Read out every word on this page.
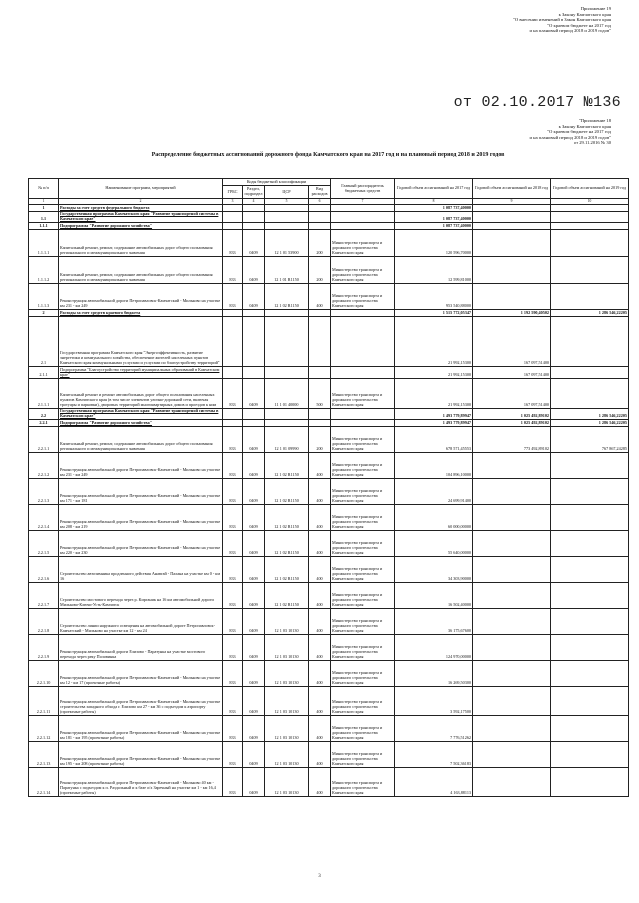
Приложение 19
к Закону Камчатского края
"О внесении изменений в Закон Камчатского края
"О краевом бюджете на 2017 год
и на плановый период 2018 и 2019 годов"
от 02.10.2017 №136
"Приложение 18
к Закону Камчатского края
"О краевом бюджете на 2017 год
и на плановый период 2018 и 2019 годов"
от 29.11.2016 № 30
Распределение бюджетных ассигнований дорожного фонда Камчатского края на 2017 год и на плановый период 2018 и 2019 годов
№ п/п	Наименование программ, мероприятий	Коды бюджетной классификации				Главный распорядитель бюджетных средств	Годовой объем ассигнований на 2017 год	Годовой объем ассигнований на 2018 год	Годовой объем ассигнований на 2019 год
		ГРБС	Раздел, подраздел	ЦСР	Вид расходов				
1	2	3	4	5	6	7	8	9	10
1	Расходы за счет средств федерального бюджета						1 087 737,40000		
1.1	Государственная программа Камчатского края "Развитие транспортной системы в Камчатском крае"						1 087 737,40000		
1.1.1	Подпрограмма "Развитие дорожного хозяйства"						1 087 737,40000		
1.1.1.1	Капитальный ремонт, ремонт, содержание автомобильных дорог общего пользования регионального и межмуниципального значения	833	0409	12 1 01 53900	200	Министерство транспорта и дорожного строительства Камчатского края	120 596,70000		
1.1.1.2	Капитальный ремонт, ремонт, содержание автомобильных дорог общего пользования регионального и межмуниципального значения	833	0409	12 1 01 R1150	200	Министерство транспорта и дорожного строительства Камчатского края	12 599,81000		
1.1.1.3	Реконструкция автомобильной дороги Петропавловск-Камчатский - Мильково на участке км 231 - км 249	833	0409	12 1 02 R1150	400	Министерство транспорта и дорожного строительства Камчатского края	953 540,88000		
2	Расходы за счет средств краевого бюджета						1 515 772,05347	1 192 590,40502	1 286 546,22205
2.1	Государственная программа Камчатского края "Энергоэффективность, развитие энергетики и коммунального хозяйства, обеспечение жителей населенных пунктов Камчатского края коммунальными услугами и услугами по благоустройству территорий"						21 992,15300	167 097,51400	
2.1.1	Подпрограмма "Благоустройство территорий муниципальных образований в Камчатском крае"						21 992,15300	167 097,51400	
2.1.1.1	Капитальный ремонт и ремонт автомобильных дорог общего пользования населенных пунктов Камчатского края (в том числе элементов улично-дорожной сети, включая тротуары и парковки), дворовых территорий многоквартирных домов и проездов к ним	833	0409	11 1 01 40000	500	Министерство транспорта и дорожного строительства Камчатского края	21 992,15300	167 097,51400	
2.2	Государственная программа Камчатского края "Развитие транспортной системы в Камчатском крае"						1 493 779,89947	1 025 492,89102	1 286 546,22205
2.2.1	Подпрограмма "Развитие дорожного хозяйства"						1 493 779,89947	1 025 492,89102	1 286 546,22205
2.2.1.1	Капитальный ремонт, ремонт, содержание автомобильных дорог общего пользования регионального и межмуниципального значения	833	0409	12 1 01 09990	200	Министерство транспорта и дорожного строительства Камчатского края	678 571,45553	773 492,89102	767 867,24285
2.2.1.2	Реконструкция автомобильной дороги Петропавловск-Камчатский - Мильково на участке км 231 - км 249	833	0409	12 1 02 R1150	400	Министерство транспорта и дорожного строительства Камчатского края	104 896,10000		
2.2.1.3	Реконструкция автомобильной дороги Петропавловск-Камчатский - Мильково на участке км 171 - км 181	833	0409	12 1 02 R1150	400	Министерство транспорта и дорожного строительства Камчатского края	24 699,91400		
2.2.1.4	Реконструкция автомобильной дороги Петропавловск-Камчатский - Мильково на участке км 208 - км 219	833	0409	12 1 02 R1150	400	Министерство транспорта и дорожного строительства Камчатского края	60 000,00000		
2.2.1.5	Реконструкция автомобильной дороги Петропавловск-Камчатский - Мильково на участке км 220 - км 230	833	0409	12 1 02 R1150	400	Министерство транспорта и дорожного строительства Камчатского края	55 640,00000		
2.2.1.6	Строительство автозимника продленного действия Анавгай - Палана на участке км 0 - км 16	833	0409	12 1 02 R1150	400	Министерство транспорта и дорожного строительства Камчатского края	34 303,90000		
2.2.1.7	Строительство мостового перехода через р. Кирганик на 16 км автомобильной дороги Мильково-Ключи-Усть-Камчатск	833	0409	12 1 02 R1150	400	Министерство транспорта и дорожного строительства Камчатского края	16 502,40000		
2.2.1.8	Строительство линии наружного освещения на автомобильной дороге Петропавловск-Камчатский - Мильково на участке км 12 - км 24	833	0409	12 1 03 10130	400	Министерство транспорта и дорожного строительства Камчатского края	36 175,67600		
2.2.1.9	Реконструкция автомобильной дороги Елизово - Паратунка на участке мостового перехода через реку Половинка	833	0409	12 1 03 10130	400	Министерство транспорта и дорожного строительства Камчатского края	124 970,00000		
2.2.1.10	Реконструкция автомобильной дороги Петропавловск-Камчатский - Мильково на участке км 12 - км 17 (проектные работы)	833	0409	12 1 03 10130	400	Министерство транспорта и дорожного строительства Камчатского края	16 269,50300		
2.2.1.11	Реконструкция автомобильной дороги Петропавловск-Камчатский - Мильково на участке строительства западного обхода г. Елизово км 27 - км 36 с подъездом к аэропорту (проектные работы)	833	0409	12 1 03 10130	400	Министерство транспорта и дорожного строительства Камчатского края	3 592,17500		
2.2.1.12	Реконструкция автомобильной дороги Петропавловск-Камчатский - Мильково на участке км 181 - км 195 (проектные работы)	833	0409	12 1 03 10130	400	Министерство транспорта и дорожного строительства Камчатского края	7 776,51262		
2.2.1.13	Реконструкция автомобильной дороги Петропавловск-Камчатский - Мильково на участке км 195 - км 208 (проектные работы)	833	0409	12 1 03 10130	400	Министерство транспорта и дорожного строительства Камчатского края	7 502,36183		
2.2.1.14	Реконструкция автомобильной дороги Петропавловск-Камчатский - Мильково 40 км - Паратунка с подъездом к п. Раздольный и к базе о/х Заречный на участке км 1 - км 16,4 (проектные работы)	833	0409	12 1 03 10130	400	Министерство транспорта и дорожного строительства Камчатского края	4 163,88113		
3
